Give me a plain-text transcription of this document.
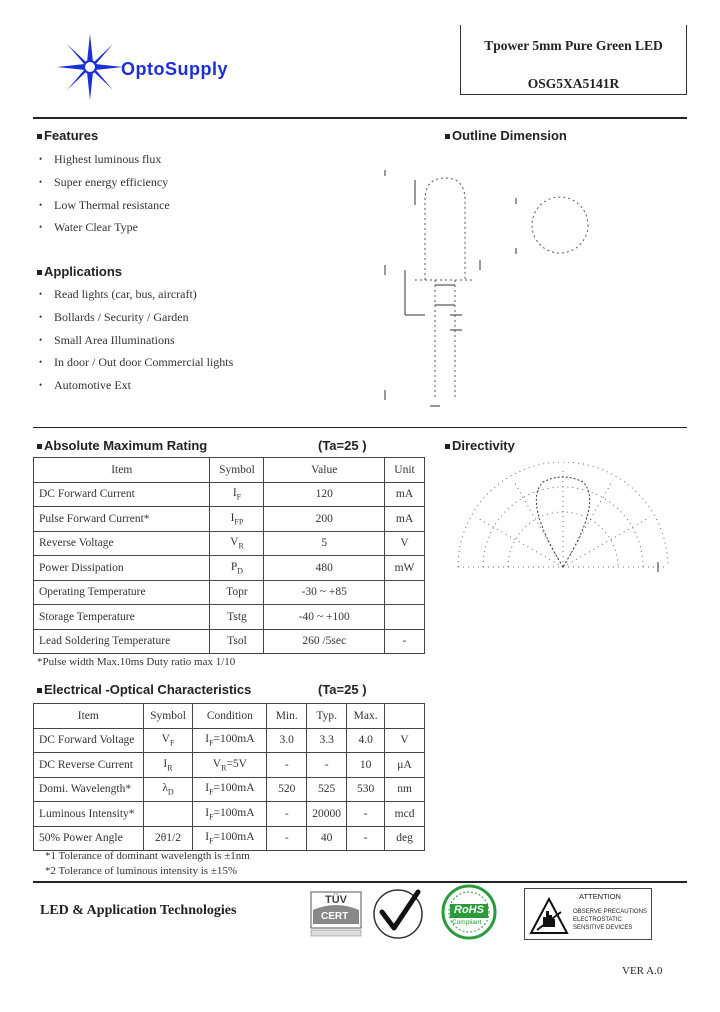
OptoSupply
Tpower 5mm Pure Green LED
OSG5XA5141R
Features
• Highest luminous flux
• Super energy efficiency
• Low Thermal resistance
• Water Clear Type
Applications
• Read lights (car, bus, aircraft)
• Bollards / Security / Garden
• Small Area Illuminations
• In door / Out door Commercial lights
• Automotive Ext
Outline Dimension
Directivity
Absolute Maximum Rating	(Ta=25 )
Item	Symbol	Value	Unit
DC Forward Current	$I_F$	120	mA
Pulse Forward Current*	$I_{FP}$	200	mA
Reverse Voltage	$V_R$	5	V
Power Dissipation	$P_D$	480	mW
Operating Temperature	Topr	-30 ~ +85	
Storage Temperature	Tstg	-40 ~ +100	
Lead Soldering Temperature	Tsol	260 /5sec	-
*Pulse width Max.10ms Duty ratio max 1/10
Electrical -Optical Characteristics	(Ta=25 )
Item	Symbol	Condition	Min.	Typ.	Max.	
DC Forward Voltage	$V_F$	$I_F=100mA$	3.0	3.3	4.0	V
DC Reverse Current	$I_R$	$V_R=5V$	-	-	10	μA
Domi. Wavelength*	$\lambda_D$	$I_F=100mA$	520	525	530	nm
Luminous Intensity*		$I_F=100mA$	-	20000	-	mcd
50% Power Angle	2θ1/2	$I_F=100mA$	-	40	-	deg
*1 Tolerance of dominant wavelength is ±1nm
*2 Tolerance of luminous intensity is ±15%
LED & Application Technologies
TÜV
CERT
RoHS
Compliant
ATTENTION
OBSERVE PRECAUTIONS
ELECTROSTATIC
SENSITIVE DEVICES
VER A.0
